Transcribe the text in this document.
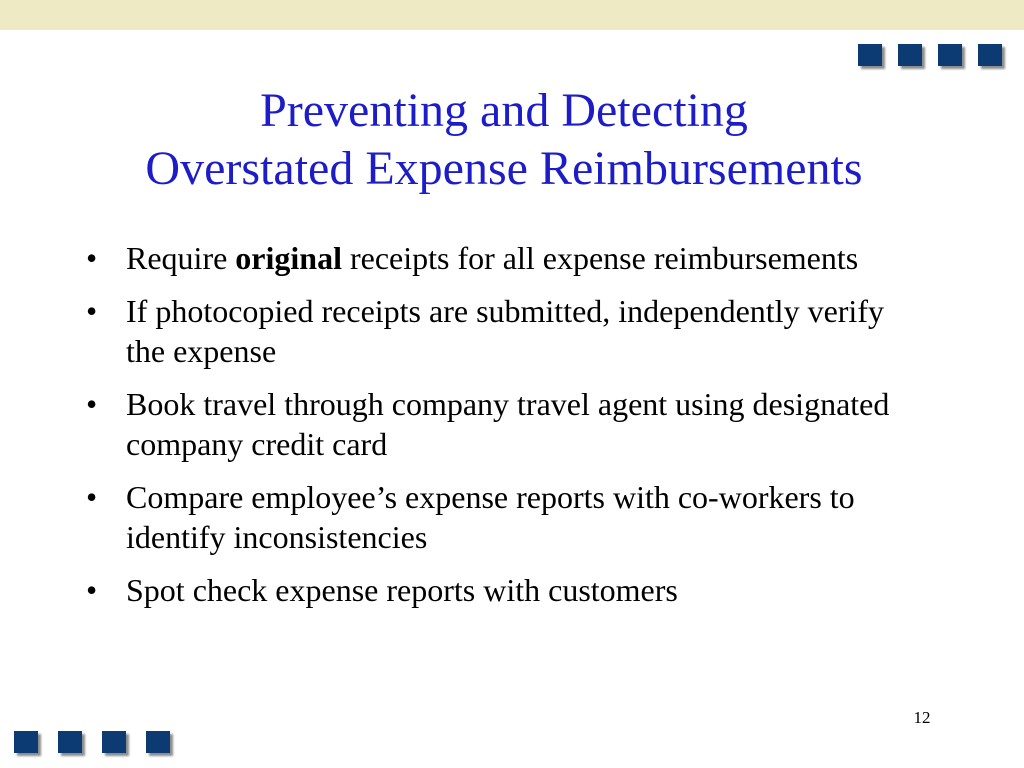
Preventing and Detecting
Overstated Expense Reimbursements
• Require original receipts for all expense reimbursements
• If photocopied receipts are submitted, independently verify the expense
• Book travel through company travel agent using designated company credit card
• Compare employee’s expense reports with co-workers to identify inconsistencies
• Spot check expense reports with customers
12
